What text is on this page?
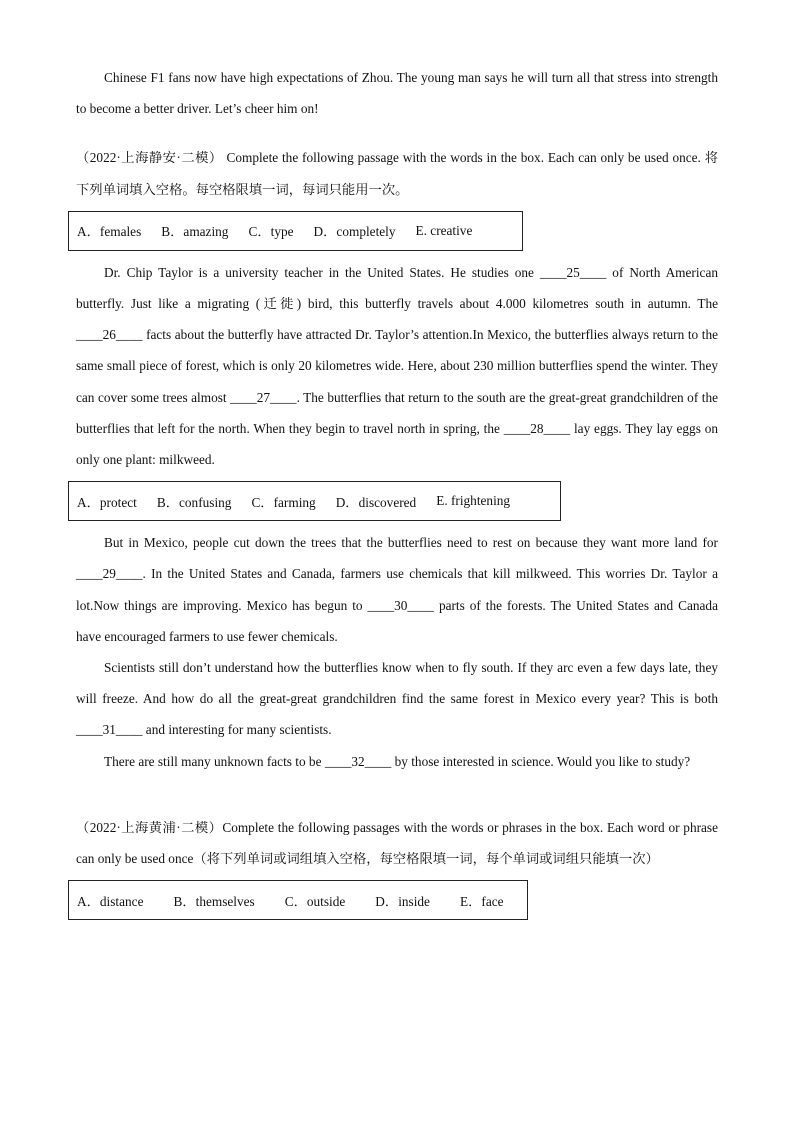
Chinese F1 fans now have high expectations of Zhou. The young man says he will turn all that stress into strength to become a better driver. Let’s cheer him on!

（2022·上海静安·二模） Complete the following passage with the words in the box. Each can only be used once. 将下列单词填入空格。每空格限填一词，每词只能用一次。

A．females B．amazing C．type D．completely E. creative

Dr. Chip Taylor is a university teacher in the United States. He studies one ____25____ of North American butterfly. Just like a migrating (迁徙) bird, this butterfly travels about 4.000 kilometres south in autumn. The ____26____ facts about the butterfly have attracted Dr. Taylor’s attention.In Mexico, the butterflies always return to the same small piece of forest, which is only 20 kilometres wide. Here, about 230 million butterflies spend the winter. They can cover some trees almost ____27____. The butterflies that return to the south are the great-great grandchildren of the butterflies that left for the north. When they begin to travel north in spring, the ____28____ lay eggs. They lay eggs on only one plant: milkweed.

A．protect B．confusing C．farming D．discovered E. frightening

But in Mexico, people cut down the trees that the butterflies need to rest on because they want more land for ____29____. In the United States and Canada, farmers use chemicals that kill milkweed. This worries Dr. Taylor a lot.Now things are improving. Mexico has begun to ____30____ parts of the forests. The United States and Canada have encouraged farmers to use fewer chemicals.

Scientists still don’t understand how the butterflies know when to fly south. If they arc even a few days late, they will freeze. And how do all the great-great grandchildren find the same forest in Mexico every year? This is both ____31____ and interesting for many scientists.

There are still many unknown facts to be ____32____ by those interested in science. Would you like to study?

（2022·上海黄浦·二模）Complete the following passages with the words or phrases in the box. Each word or phrase can only be used once（将下列单词或词组填入空格，每空格限填一词，每个单词或词组只能填一次）

A．distance B．themselves C．outside D．inside E．face
